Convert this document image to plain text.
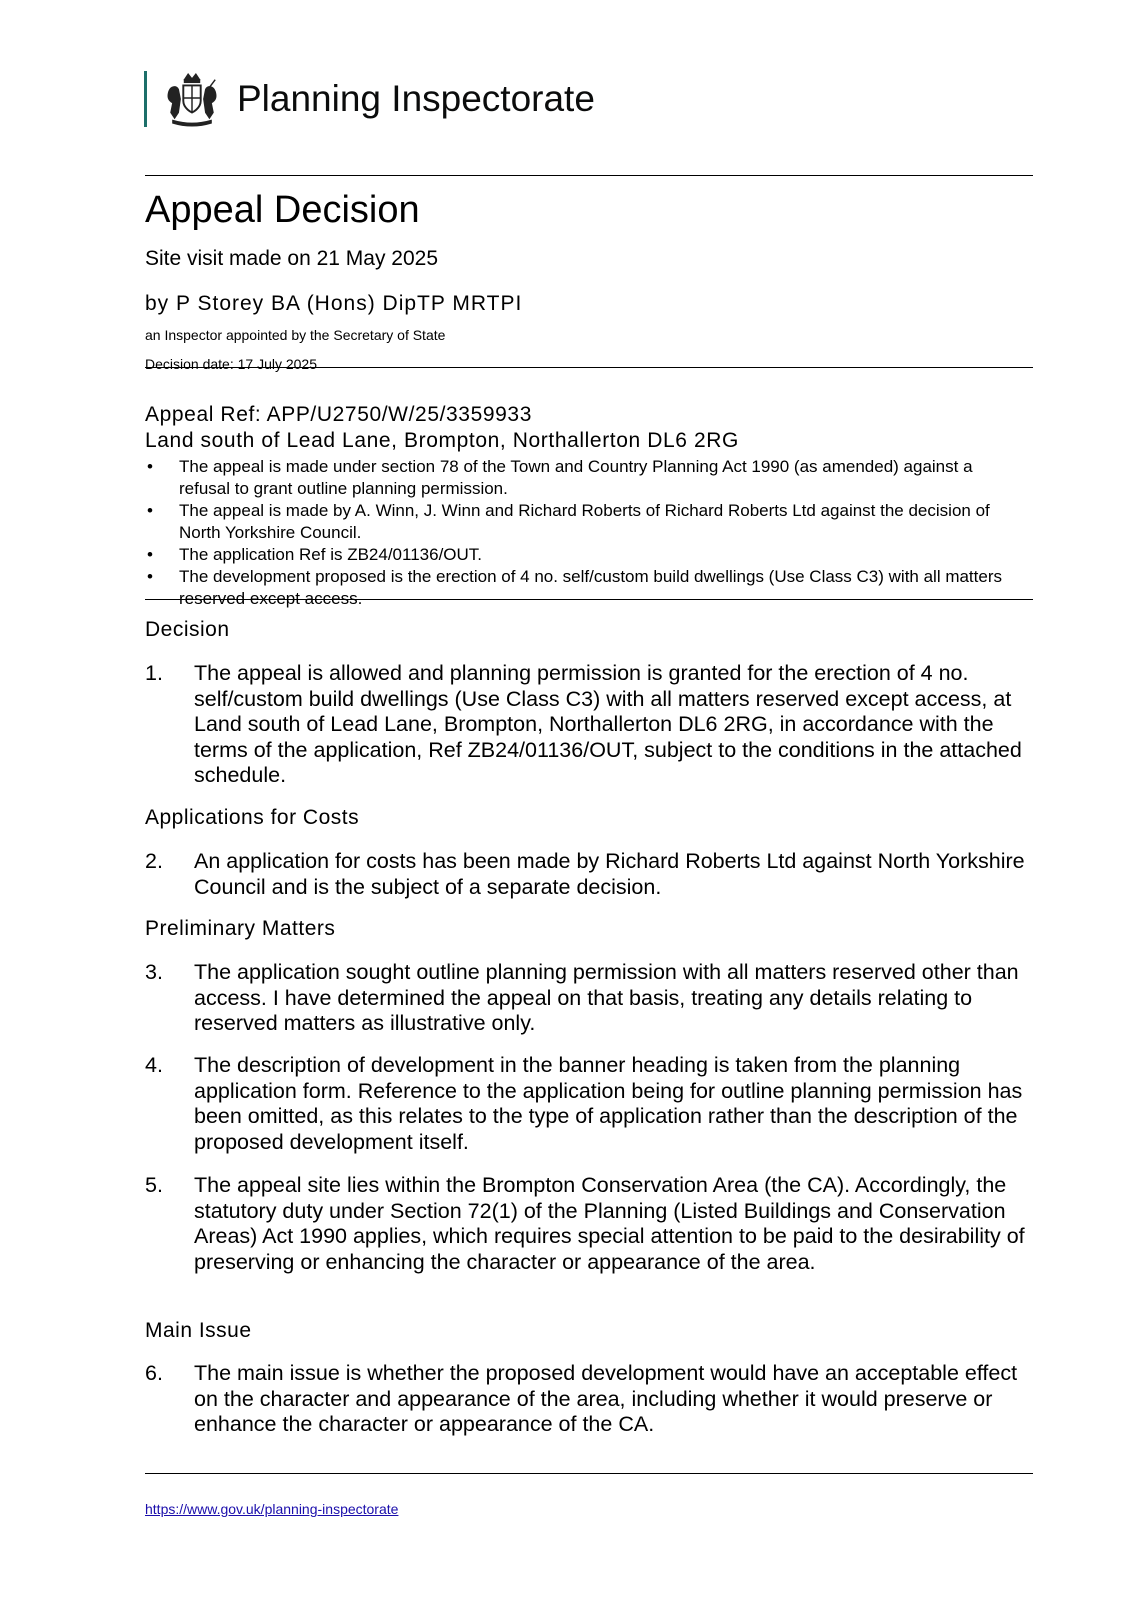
Planning Inspectorate
Appeal Decision
Site visit made on 21 May 2025
by P Storey BA (Hons) DipTP MRTPI
an Inspector appointed by the Secretary of State
Decision date: 17 July 2025
Appeal Ref: APP/U2750/W/25/3359933
Land south of Lead Lane, Brompton, Northallerton DL6 2RG
• The appeal is made under section 78 of the Town and Country Planning Act 1990 (as amended) against a refusal to grant outline planning permission.
• The appeal is made by A. Winn, J. Winn and Richard Roberts of Richard Roberts Ltd against the decision of North Yorkshire Council.
• The application Ref is ZB24/01136/OUT.
• The development proposed is the erection of 4 no. self/custom build dwellings (Use Class C3) with all matters reserved except access.
Decision
1. The appeal is allowed and planning permission is granted for the erection of 4 no. self/custom build dwellings (Use Class C3) with all matters reserved except access, at Land south of Lead Lane, Brompton, Northallerton DL6 2RG, in accordance with the terms of the application, Ref ZB24/01136/OUT, subject to the conditions in the attached schedule.
Applications for Costs
2. An application for costs has been made by Richard Roberts Ltd against North Yorkshire Council and is the subject of a separate decision.
Preliminary Matters
3. The application sought outline planning permission with all matters reserved other than access. I have determined the appeal on that basis, treating any details relating to reserved matters as illustrative only.
4. The description of development in the banner heading is taken from the planning application form. Reference to the application being for outline planning permission has been omitted, as this relates to the type of application rather than the description of the proposed development itself.
5. The appeal site lies within the Brompton Conservation Area (the CA). Accordingly, the statutory duty under Section 72(1) of the Planning (Listed Buildings and Conservation Areas) Act 1990 applies, which requires special attention to be paid to the desirability of preserving or enhancing the character or appearance of the area.
Main Issue
6. The main issue is whether the proposed development would have an acceptable effect on the character and appearance of the area, including whether it would preserve or enhance the character or appearance of the CA.
https://www.gov.uk/planning-inspectorate
